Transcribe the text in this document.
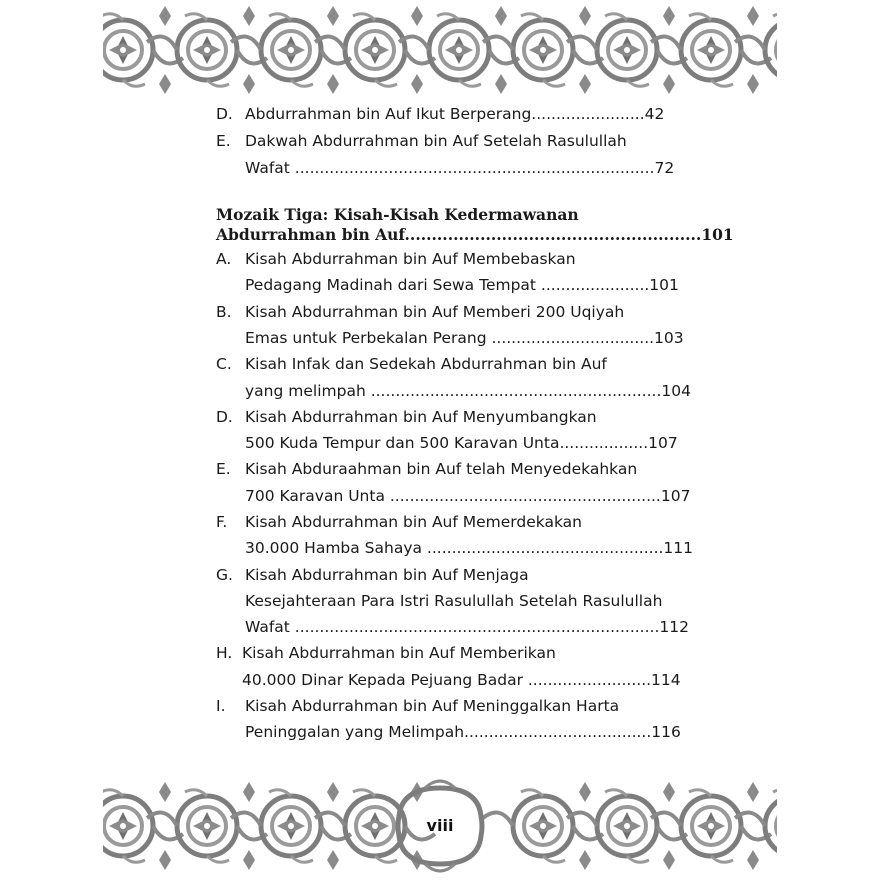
D. Abdurrahman bin Auf Ikut Berperang.......................42
E. Dakwah Abdurrahman bin Auf Setelah Rasulullah
Wafat .........................................................................72
Mozaik Tiga: Kisah-Kisah Kedermawanan
Abdurrahman bin Auf.......................................................101
A. Kisah Abdurrahman bin Auf Membebaskan
Pedagang Madinah dari Sewa Tempat ......................101
B. Kisah Abdurrahman bin Auf Memberi 200 Uqiyah
Emas untuk Perbekalan Perang .................................103
C. Kisah Infak dan Sedekah Abdurrahman bin Auf
yang melimpah ...........................................................104
D. Kisah Abdurrahman bin Auf Menyumbangkan
500 Kuda Tempur dan 500 Karavan Unta..................107
E. Kisah Abduraahman bin Auf telah Menyedekahkan
700 Karavan Unta .......................................................107
F. Kisah Abdurrahman bin Auf Memerdekakan
30.000 Hamba Sahaya ................................................111
G. Kisah Abdurrahman bin Auf Menjaga
Kesejahteraan Para Istri Rasulullah Setelah Rasulullah
Wafat ..........................................................................112
H. Kisah Abdurrahman bin Auf Memberikan
40.000 Dinar Kepada Pejuang Badar .........................114
I. Kisah Abdurrahman bin Auf Meninggalkan Harta
Peninggalan yang Melimpah......................................116
viii
